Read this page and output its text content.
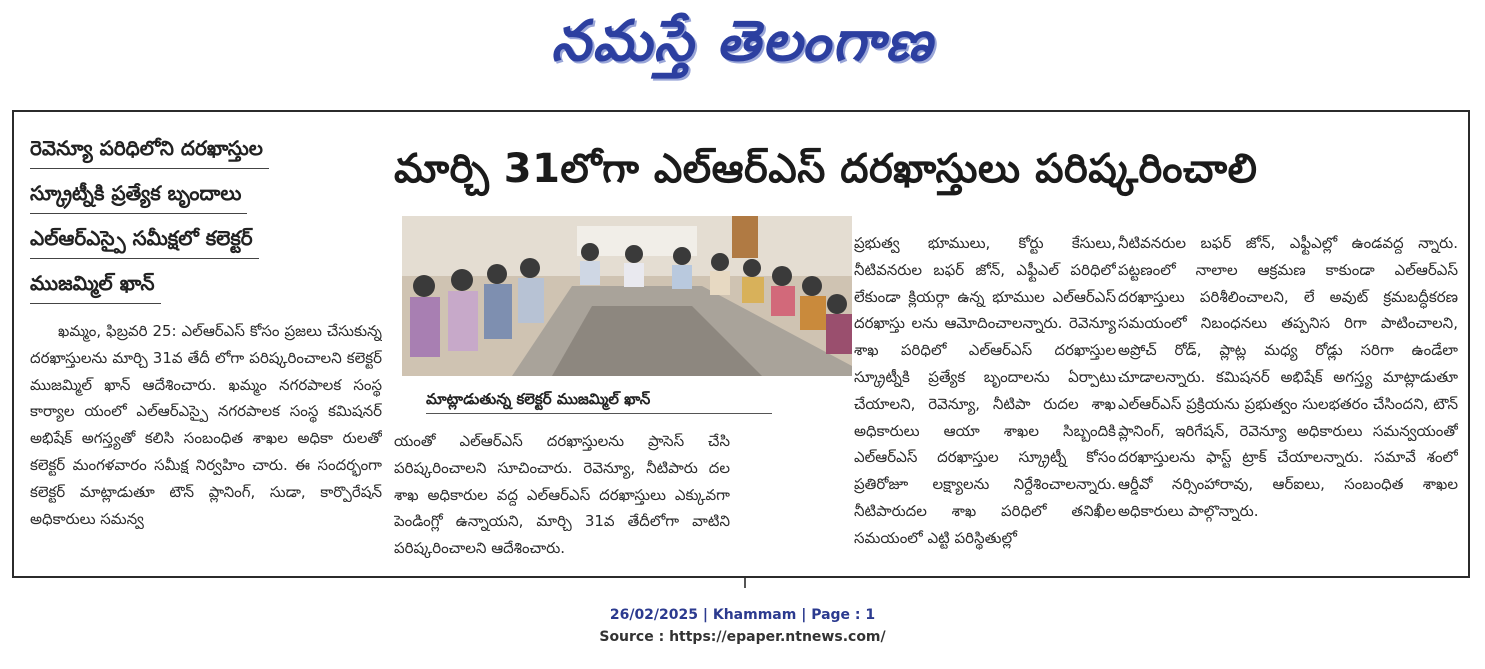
నమస్తే తెలంగాణ
రెవెన్యూ పరిధిలోని దరఖాస్తుల
స్క్రూట్నీకి ప్రత్యేక బృందాలు
ఎల్ఆర్ఎస్పై సమీక్షలో కలెక్టర్
ముజమ్మిల్ ఖాన్
మార్చి 31లోగా ఎల్ఆర్ఎస్ దరఖాస్తులు పరిష్కరించాలి
మాట్లాడుతున్న కలెక్టర్ ముజమ్మిల్ ఖాన్

ఖమ్మం, ఫిబ్రవరి 25: ఎల్ఆర్ఎస్ కోసం ప్రజలు చేసుకున్న దరఖాస్తులను మార్చి 31వ తేదీ లోగా పరిష్కరించాలని కలెక్టర్ ముజమ్మిల్ ఖాన్ ఆదేశించారు. ఖమ్మం నగరపాలక సంస్థ కార్యాల యంలో ఎల్ఆర్ఎస్పై నగరపాలక సంస్థ కమిషనర్ అభిషేక్ అగస్త్యతో కలిసి సంబంధిత శాఖల అధికా రులతో కలెక్టర్ మంగళవారం సమీక్ష నిర్వహిం చారు. ఈ సందర్భంగా కలెక్టర్ మాట్లాడుతూ టౌన్ ప్లానింగ్, సుడా, కార్పొరేషన్ అధికారులు సమన్వ

యంతో ఎల్ఆర్ఎస్ దరఖాస్తులను ప్రాసెస్ చేసి పరిష్కరించాలని సూచించారు. రెవెన్యూ, నీటిపారు దల శాఖ అధికారుల వద్ద ఎల్ఆర్ఎస్ దరఖాస్తులు ఎక్కువగా పెండింగ్లో ఉన్నాయని, మార్చి 31వ తేదీలోగా వాటిని పరిష్కరించాలని ఆదేశించారు.

ప్రభుత్వ భూములు, కోర్టు కేసులు, నీటివనరుల బఫర్ జోన్, ఎఫ్టీఎల్ పరిధిలో లేకుండా క్లియర్గా ఉన్న భూముల ఎల్ఆర్ఎస్ దరఖాస్తు లను ఆమోదించాలన్నారు. రెవెన్యూ శాఖ పరిధిలో ఎల్ఆర్ఎస్ దరఖాస్తుల స్క్రూట్నీకి ప్రత్యేక బృందాలను ఏర్పాటు చేయాలని, రెవెన్యూ, నీటిపా రుదల శాఖ అధికారులు ఆయా శాఖల సిబ్బందికి ఎల్ఆర్ఎస్ దరఖాస్తుల స్క్రూట్నీ కోసం ప్రతిరోజూ లక్ష్యాలను నిర్దేశించాలన్నారు. నీటిపారుదల శాఖ పరిధిలో తనిఖీల సమయంలో ఎట్టి పరిస్థితుల్లో

నీటివనరుల బఫర్ జోన్, ఎఫ్టీఎల్లో ఉండవద్ద న్నారు. పట్టణంలో నాలాల ఆక్రమణ కాకుండా ఎల్ఆర్ఎస్ దరఖాస్తులు పరిశీలించాలని, లే అవుట్ క్రమబద్ధీకరణ సమయంలో నిబంధనలు తప్పనిస రిగా పాటించాలని, అప్రోచ్ రోడ్, ప్లాట్ల మధ్య రోడ్లు సరిగా ఉండేలా చూడాలన్నారు. కమిషనర్ అభిషేక్ అగస్త్య మాట్లాడుతూ ఎల్ఆర్ఎస్ ప్రక్రియను ప్రభుత్వం సులభతరం చేసిందని, టౌన్ ప్లానింగ్, ఇరిగేషన్, రెవెన్యూ అధికారులు సమన్వయంతో దరఖాస్తులను ఫాస్ట్ ట్రాక్ చేయాలన్నారు. సమావే శంలో ఆర్డీవో నర్సింహారావు, ఆర్ఐలు, సంబంధిత శాఖల అధికారులు పాల్గొన్నారు.

26/02/2025 | Khammam | Page : 1
Source : https://epaper.ntnews.com/
